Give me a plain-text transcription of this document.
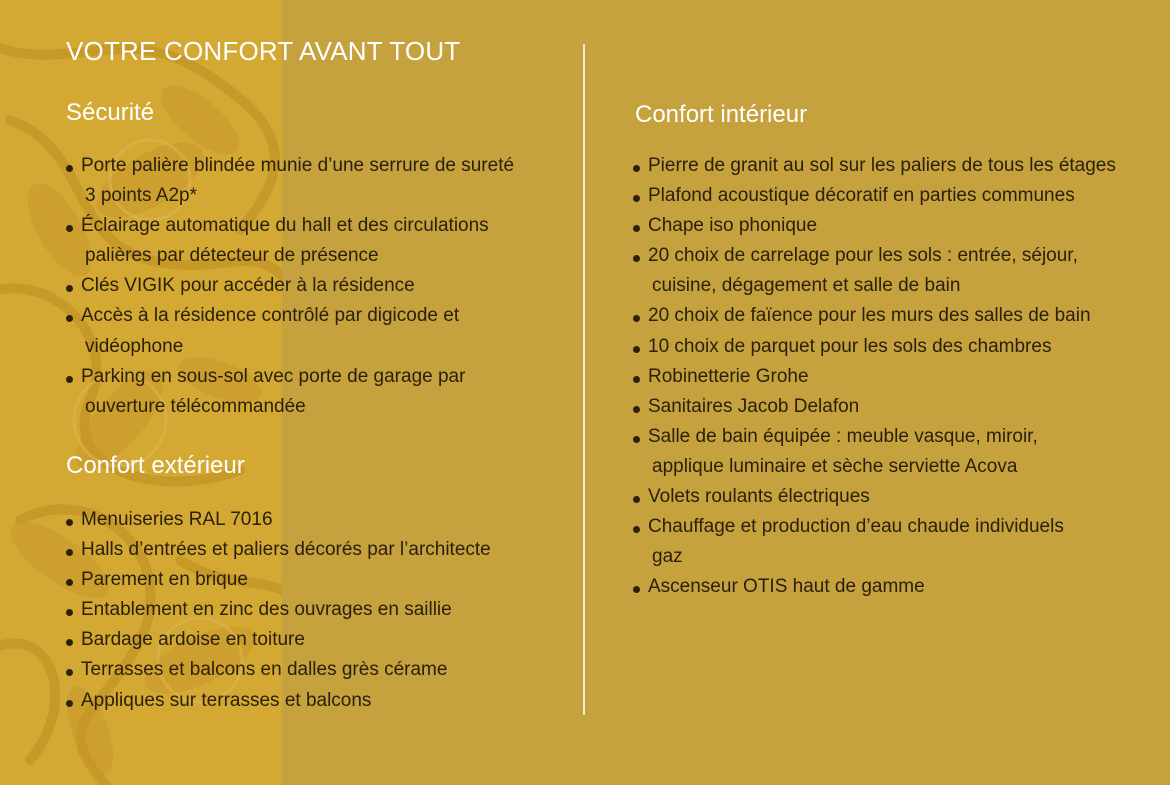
VOTRE CONFORT AVANT TOUT
Sécurité
Porte palière blindée munie d’une serrure de sureté
3 points A2p*
Éclairage automatique du hall et des circulations
palières par détecteur de présence
Clés VIGIK pour accéder à la résidence
Accès à la résidence contrôlé par digicode et
vidéophone
Parking en sous-sol avec porte de garage par
ouverture télécommandée
Confort extérieur
Menuiseries RAL 7016
Halls d’entrées et paliers décorés par l’architecte
Parement en brique
Entablement en zinc des ouvrages en saillie
Bardage ardoise en toiture
Terrasses et balcons en dalles grès cérame
Appliques sur terrasses et balcons
Confort intérieur
Pierre de granit au sol sur les paliers de tous les étages
Plafond acoustique décoratif en parties communes
Chape iso phonique
20 choix de carrelage pour les sols : entrée, séjour,
cuisine, dégagement et salle de bain
20 choix de faïence pour les murs des salles de bain
10 choix de parquet pour les sols des chambres
Robinetterie Grohe
Sanitaires Jacob Delafon
Salle de bain équipée : meuble vasque, miroir,
applique luminaire et sèche serviette Acova
Volets roulants électriques
Chauffage et production d’eau chaude individuels
gaz
Ascenseur OTIS haut de gamme
